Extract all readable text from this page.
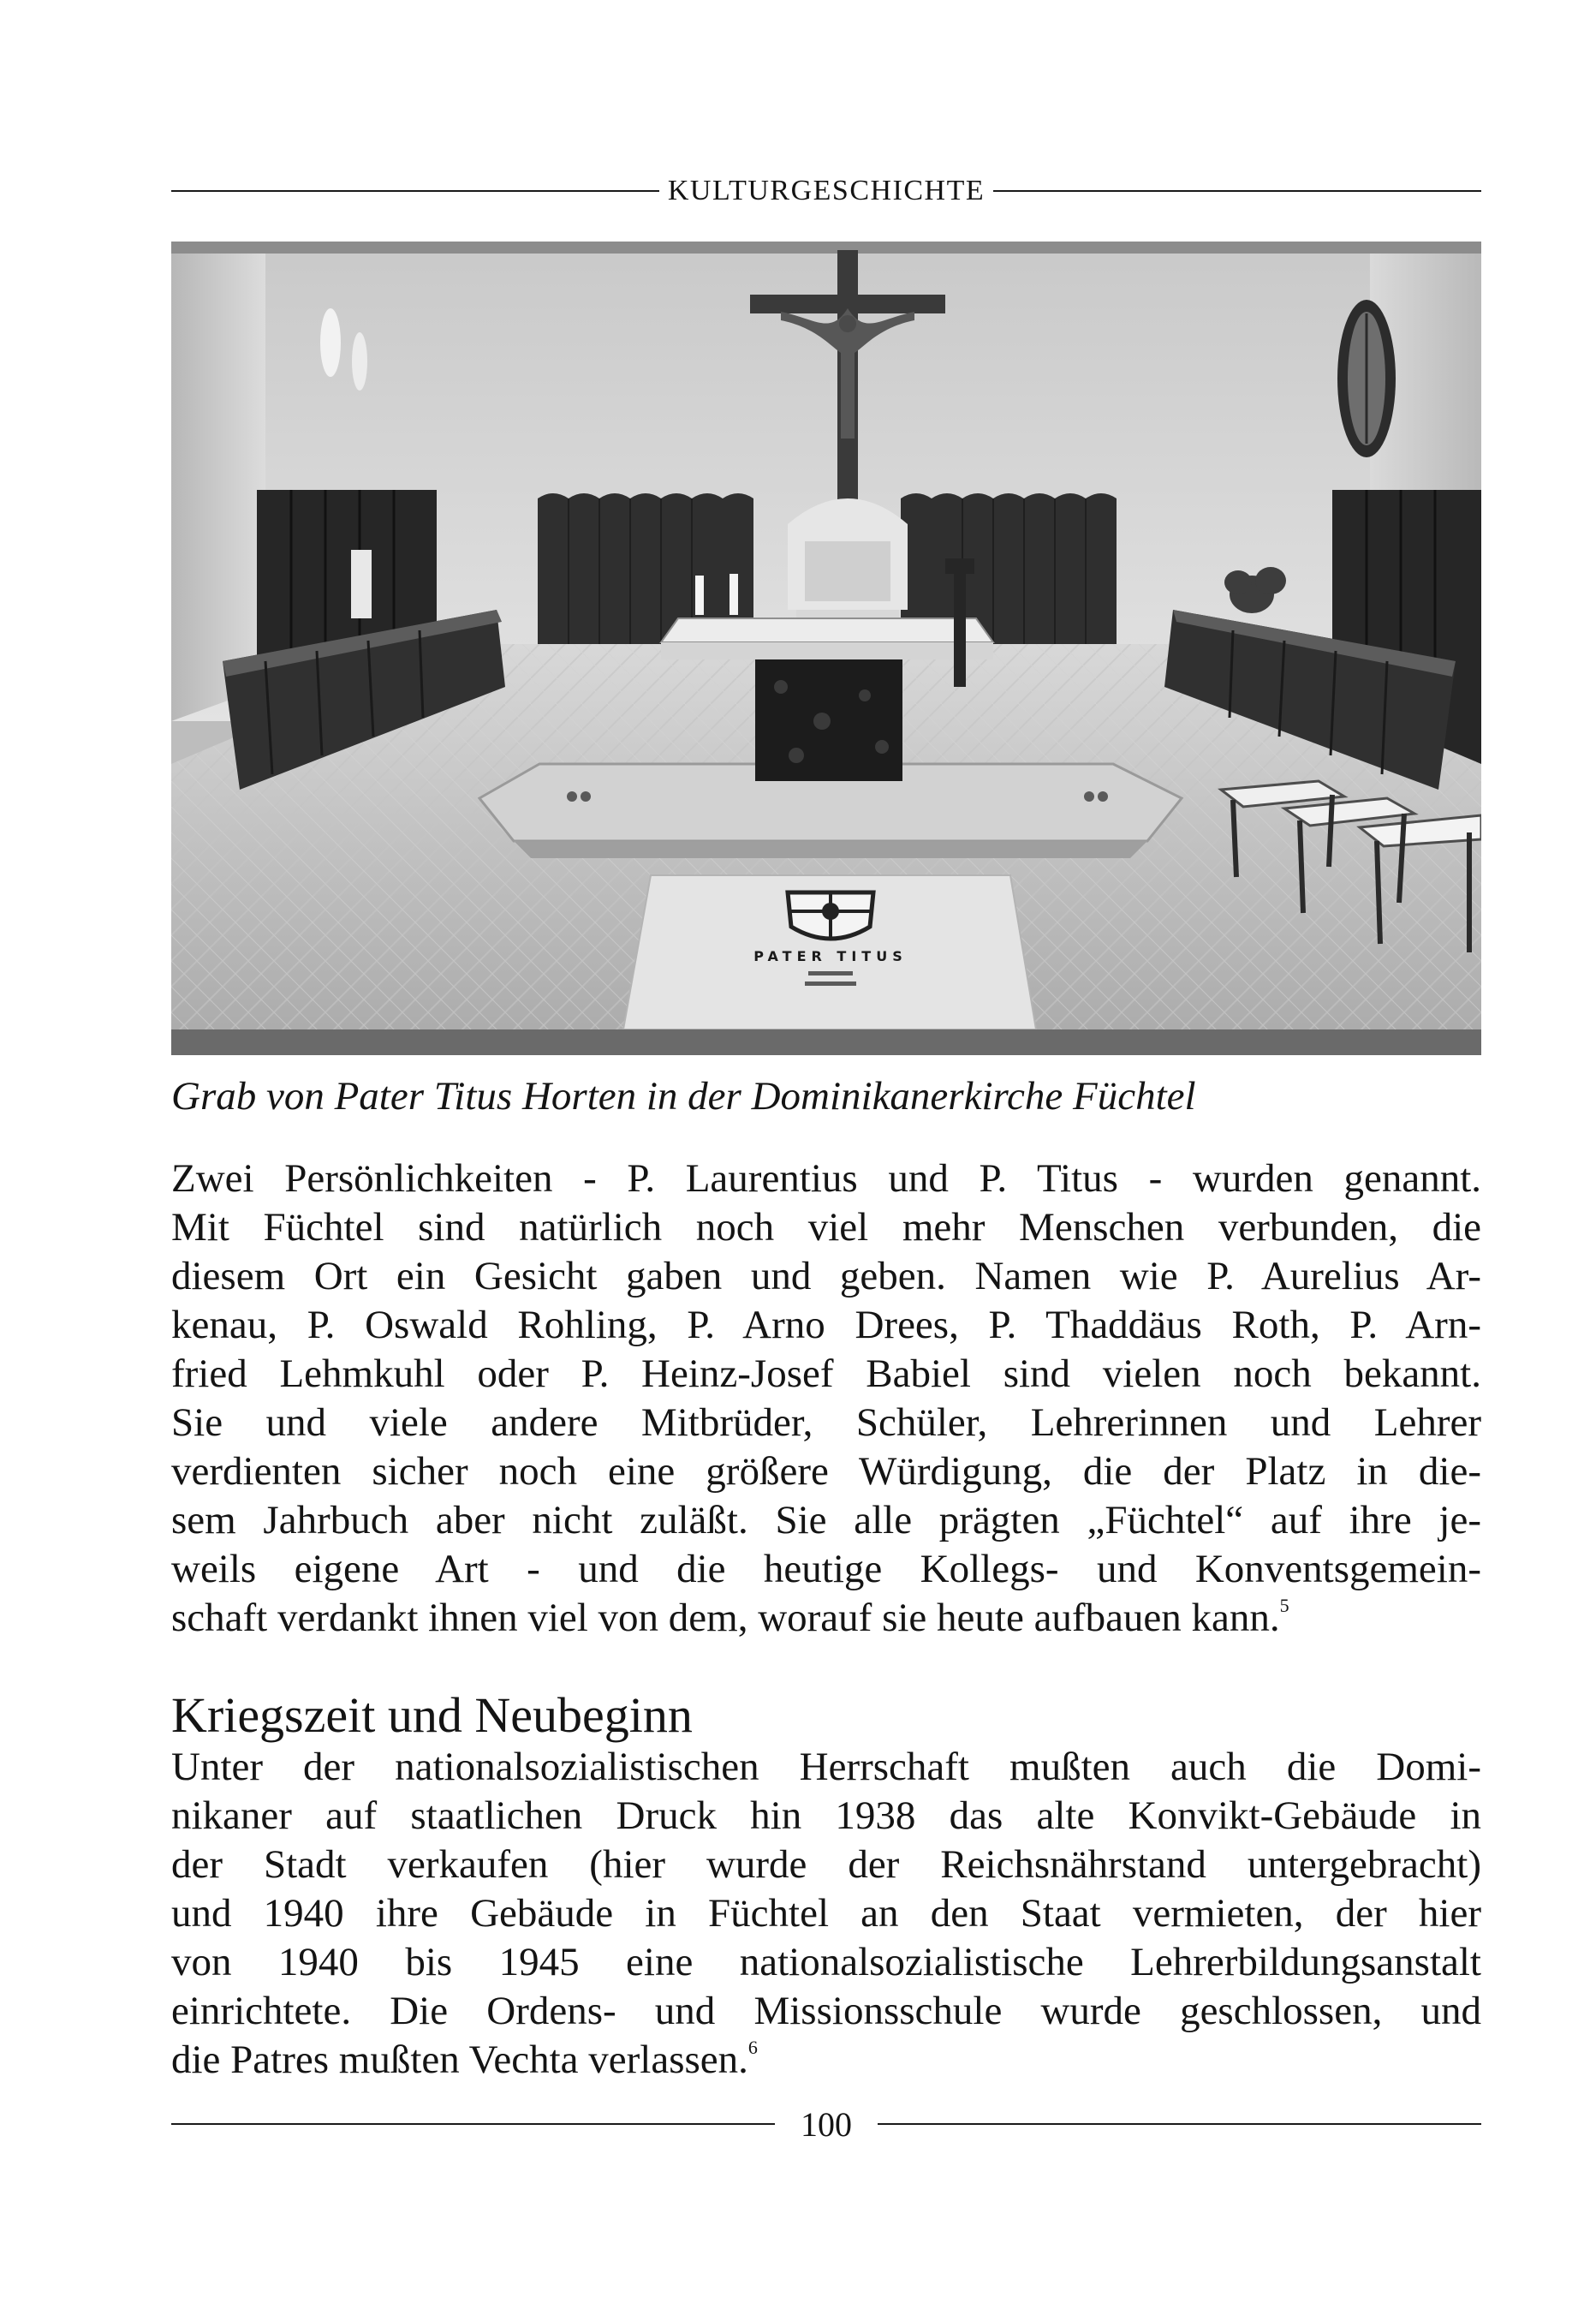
KULTURGESCHICHTE
PATER TITUS
Grab von Pater Titus Horten in der Dominikanerkirche Füchtel

Zwei Persönlichkeiten - P. Laurentius und P. Titus - wurden genannt.
Mit Füchtel sind natürlich noch viel mehr Menschen verbunden, die
diesem Ort ein Gesicht gaben und geben. Namen wie P. Aurelius Ar-
kenau, P. Oswald Rohling, P. Arno Drees, P. Thaddäus Roth, P. Arn-
fried Lehmkuhl oder P. Heinz-Josef Babiel sind vielen noch bekannt.
Sie und viele andere Mitbrüder, Schüler, Lehrerinnen und Lehrer
verdienten sicher noch eine größere Würdigung, die der Platz in die-
sem Jahrbuch aber nicht zuläßt. Sie alle prägten „Füchtel“ auf ihre je-
weils eigene Art - und die heutige Kollegs- und Konventsgemein-
schaft verdankt ihnen viel von dem, worauf sie heute aufbauen kann.$^5$

Kriegszeit und Neubeginn

Unter der nationalsozialistischen Herrschaft mußten auch die Domi-
nikaner auf staatlichen Druck hin 1938 das alte Konvikt-Gebäude in
der Stadt verkaufen (hier wurde der Reichsnährstand untergebracht)
und 1940 ihre Gebäude in Füchtel an den Staat vermieten, der hier
von 1940 bis 1945 eine nationalsozialistische Lehrerbildungsanstalt
einrichtete. Die Ordens- und Missionsschule wurde geschlossen, und
die Patres mußten Vechta verlassen.$^6$

100
